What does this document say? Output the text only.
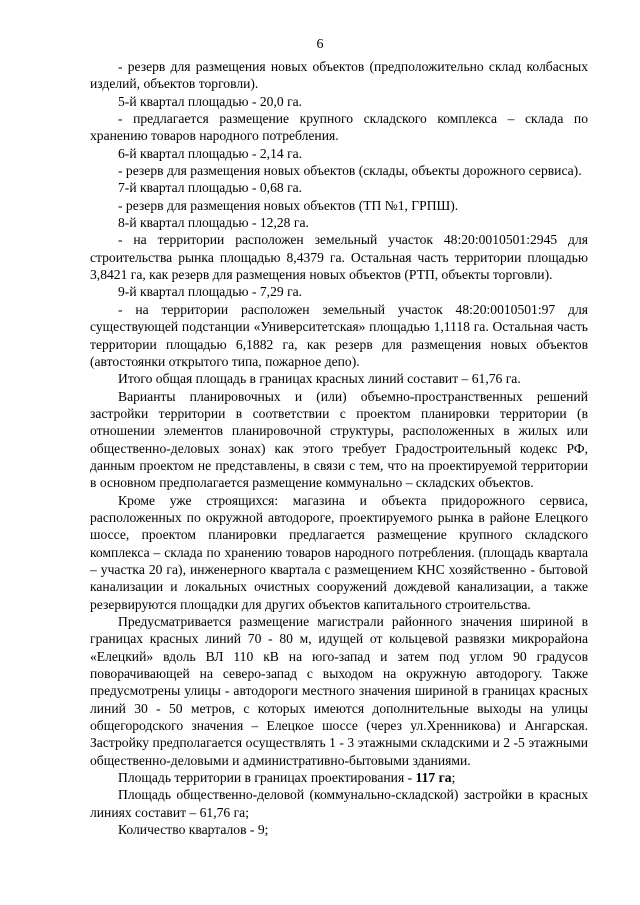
6

- резерв для размещения новых объектов (предположительно склад колбасных изделий, объектов торговли).

5-й квартал площадью - 20,0 га.

- предлагается размещение крупного складского комплекса – склада по хранению товаров народного потребления.

6-й квартал площадью - 2,14 га.

- резерв для размещения новых объектов (склады, объекты дорожного сервиса).

7-й квартал площадью - 0,68 га.

- резерв для размещения новых объектов (ТП №1, ГРПШ).

8-й квартал площадью - 12,28 га.

- на территории расположен земельный участок 48:20:0010501:2945 для строительства рынка площадью 8,4379 га. Остальная часть территории площадью 3,8421 га, как резерв для размещения новых объектов (РТП, объекты торговли).

9-й квартал площадью - 7,29 га.

- на территории расположен земельный участок 48:20:0010501:97 для существующей подстанции «Университетская» площадью 1,1118 га. Остальная часть территории площадью 6,1882 га, как резерв для размещения новых объектов (автостоянки открытого типа, пожарное депо).

Итого общая площадь в границах красных линий составит – 61,76 га.

Варианты планировочных и (или) объемно-пространственных решений застройки территории в соответствии с проектом планировки территории (в отношении элементов планировочной структуры, расположенных в жилых или общественно-деловых зонах) как этого требует Градостроительный кодекс РФ, данным проектом не представлены, в связи с тем, что на проектируемой территории в основном предполагается размещение коммунально – складских объектов.

Кроме уже строящихся: магазина и объекта придорожного сервиса, расположенных по окружной автодороге, проектируемого рынка в районе Елецкого шоссе, проектом планировки предлагается размещение крупного складского комплекса – склада по хранению товаров народного потребления. (площадь квартала – участка 20 га), инженерного квартала с размещением КНС хозяйственно - бытовой канализации и локальных очистных сооружений дождевой канализации, а также резервируются площадки для других объектов капитального строительства.

Предусматривается размещение магистрали районного значения шириной в границах красных линий 70 - 80 м, идущей от кольцевой развязки микрорайона «Елецкий» вдоль ВЛ 110 кВ на юго-запад и затем под углом 90 градусов поворачивающей на северо-запад с выходом на окружную автодорогу. Также предусмотрены улицы - автодороги местного значения шириной в границах красных линий 30 - 50 метров, с которых имеются дополнительные выходы на улицы общегородского значения – Елецкое шоссе (через ул.Хренникова) и Ангарская. Застройку предполагается осуществлять 1 - 3 этажными складскими и 2 -5 этажными общественно-деловыми и административно-бытовыми зданиями.

Площадь территории в границах проектирования - 117 га;

Площадь общественно-деловой (коммунально-складской) застройки в красных линиях составит – 61,76 га;

Количество кварталов - 9;
